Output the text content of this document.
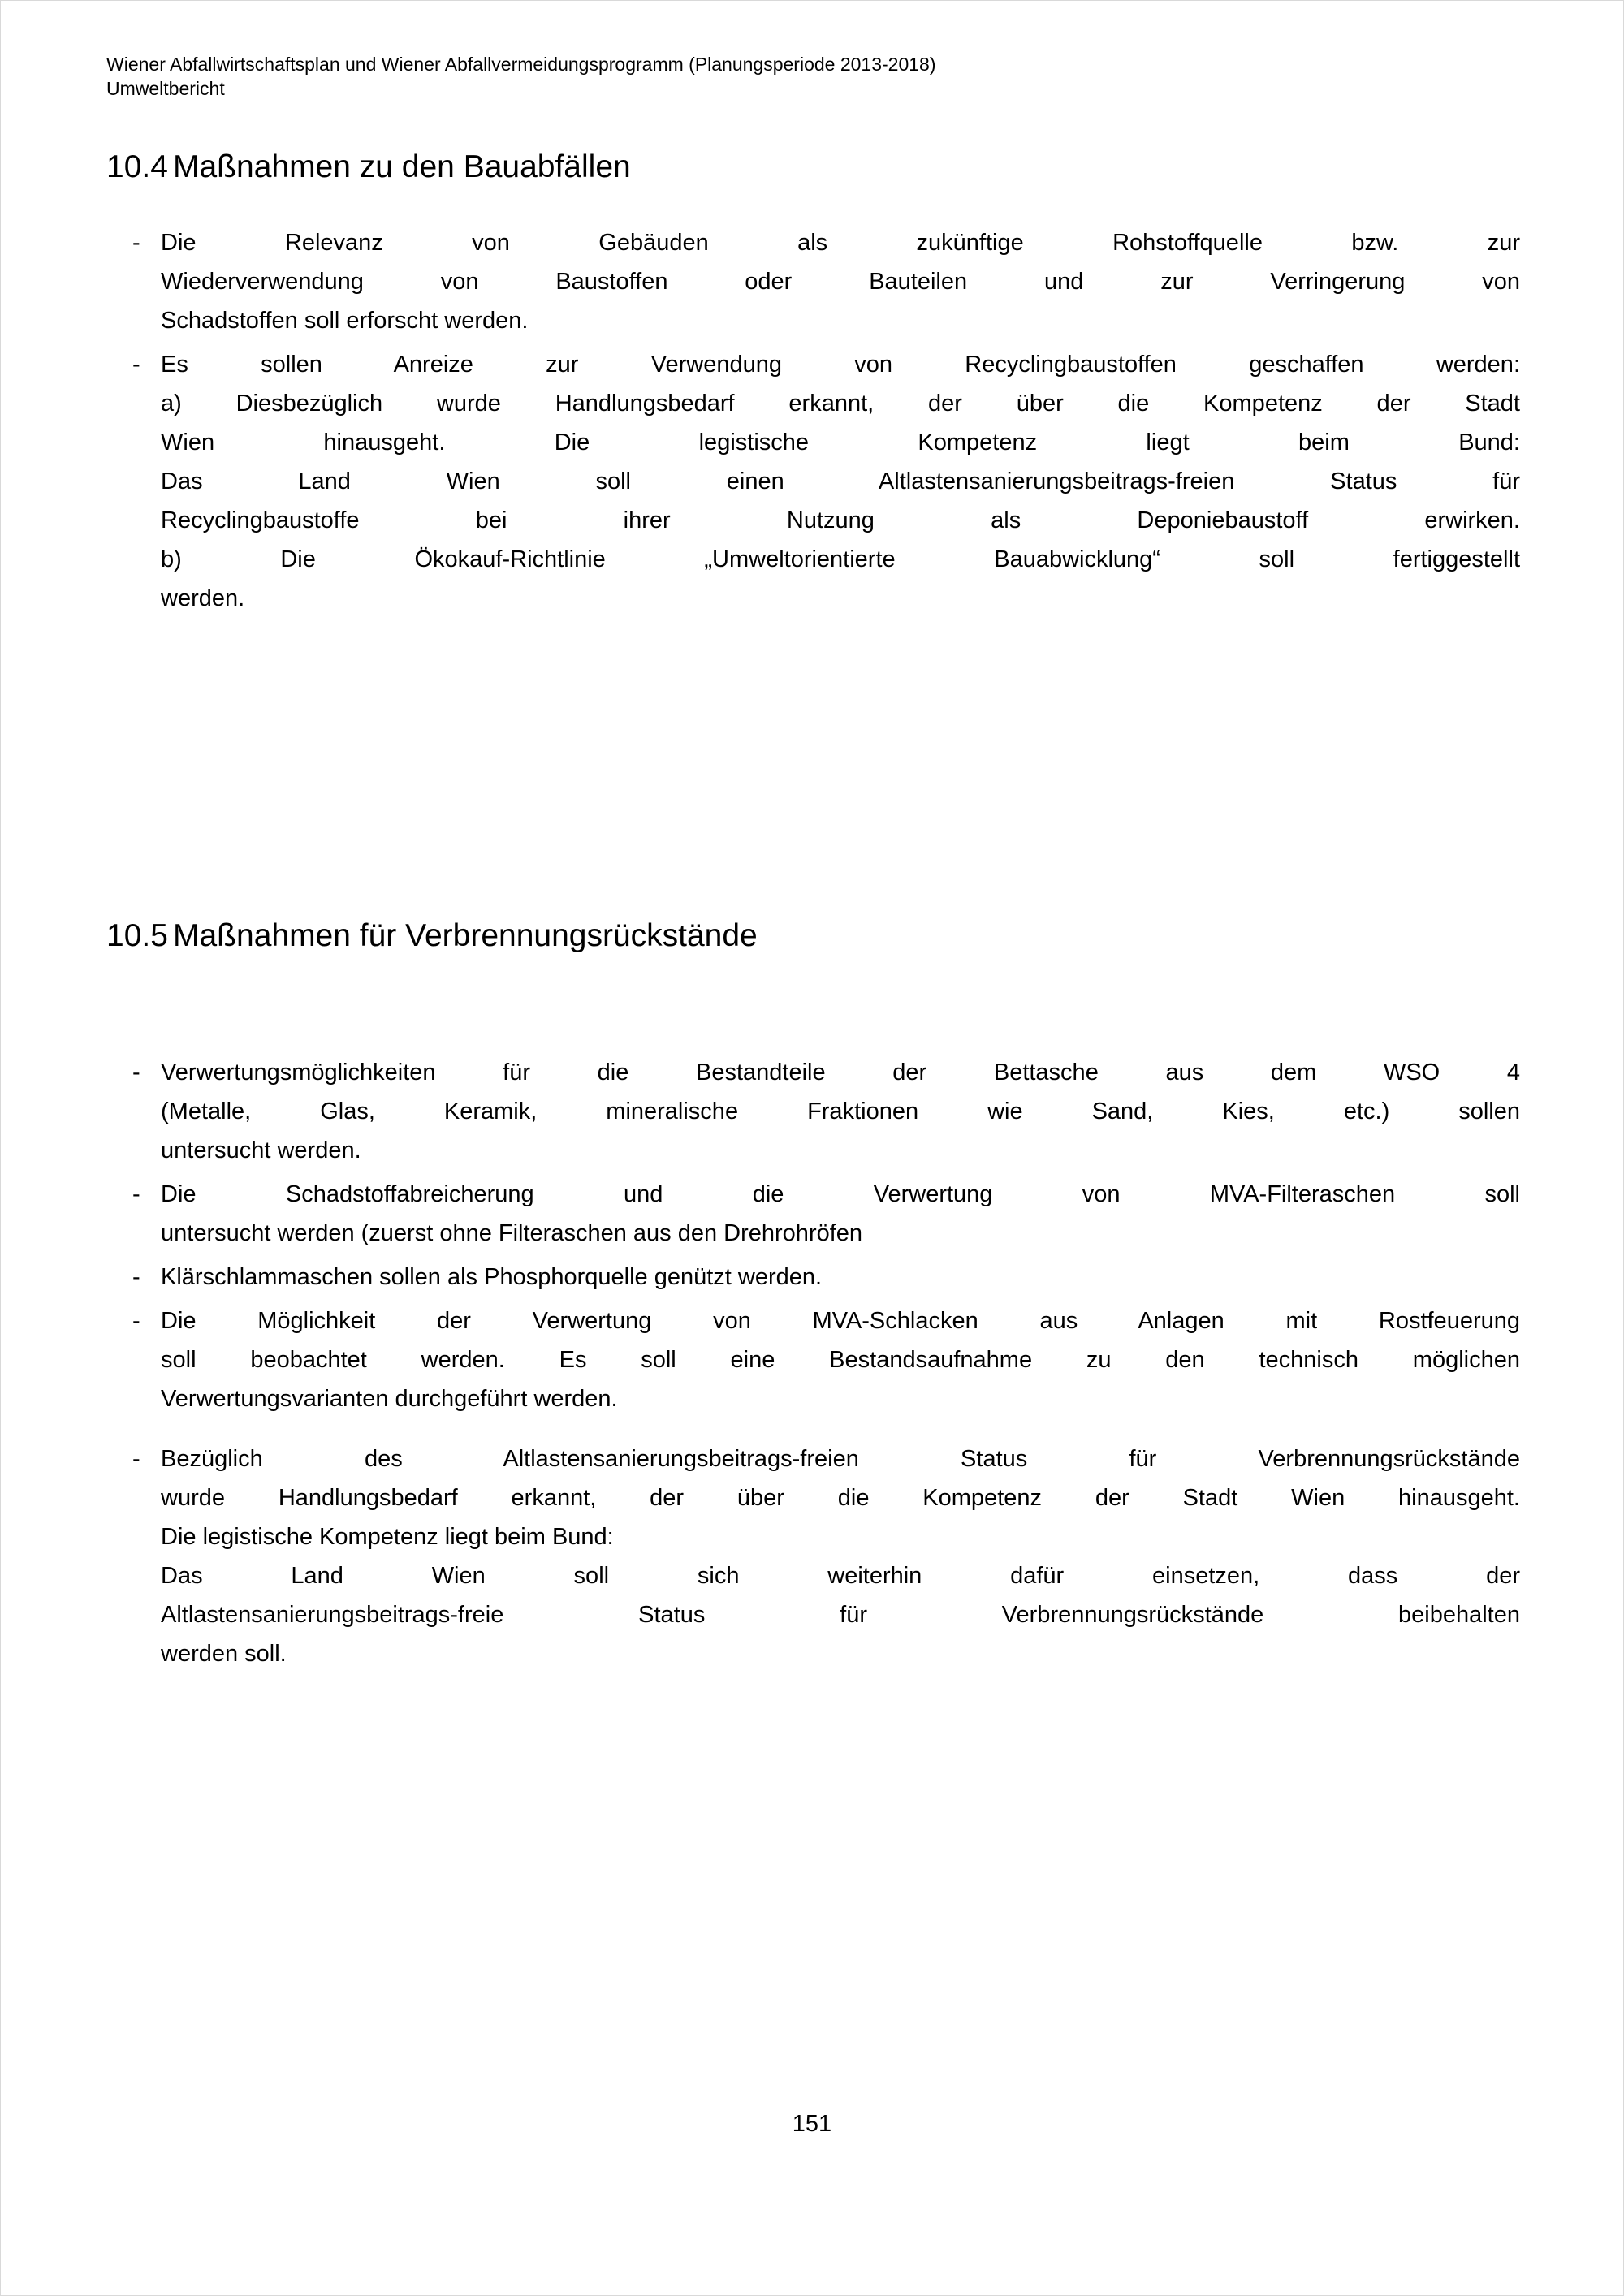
Wiener Abfallwirtschaftsplan und Wiener Abfallvermeidungsprogramm (Planungsperiode 2013-2018)
Umweltbericht
10.4 Maßnahmen zu den Bauabfällen
- Die Relevanz von Gebäuden als zukünftige Rohstoffquelle bzw. zur
Wiederverwendung von Baustoffen oder Bauteilen und zur Verringerung von
Schadstoffen soll erforscht werden.
- Es sollen Anreize zur Verwendung von Recyclingbaustoffen geschaffen werden:
a) Diesbezüglich wurde Handlungsbedarf erkannt, der über die Kompetenz der Stadt
Wien hinausgeht. Die legistische Kompetenz liegt beim Bund:
Das Land Wien soll einen Altlastensanierungsbeitrags-freien Status für
Recyclingbaustoffe bei ihrer Nutzung als Deponiebaustoff erwirken.
b) Die Ökokauf-Richtlinie „Umweltorientierte Bauabwicklung“ soll fertiggestellt
werden.
10.5 Maßnahmen für Verbrennungsrückstände
- Verwertungsmöglichkeiten für die Bestandteile der Bettasche aus dem WSO 4
(Metalle, Glas, Keramik, mineralische Fraktionen wie Sand, Kies, etc.) sollen
untersucht werden.
- Die Schadstoffabreicherung und die Verwertung von MVA-Filteraschen soll
untersucht werden (zuerst ohne Filteraschen aus den Drehrohröfen
- Klärschlammaschen sollen als Phosphorquelle genützt werden.
- Die Möglichkeit der Verwertung von MVA-Schlacken aus Anlagen mit Rostfeuerung
soll beobachtet werden. Es soll eine Bestandsaufnahme zu den technisch möglichen
Verwertungsvarianten durchgeführt werden.
- Bezüglich des Altlastensanierungsbeitrags-freien Status für Verbrennungsrückstände
wurde Handlungsbedarf erkannt, der über die Kompetenz der Stadt Wien hinausgeht.
Die legistische Kompetenz liegt beim Bund:
Das Land Wien soll sich weiterhin dafür einsetzen, dass der
Altlastensanierungsbeitrags-freie Status für Verbrennungsrückstände beibehalten
werden soll.
151
